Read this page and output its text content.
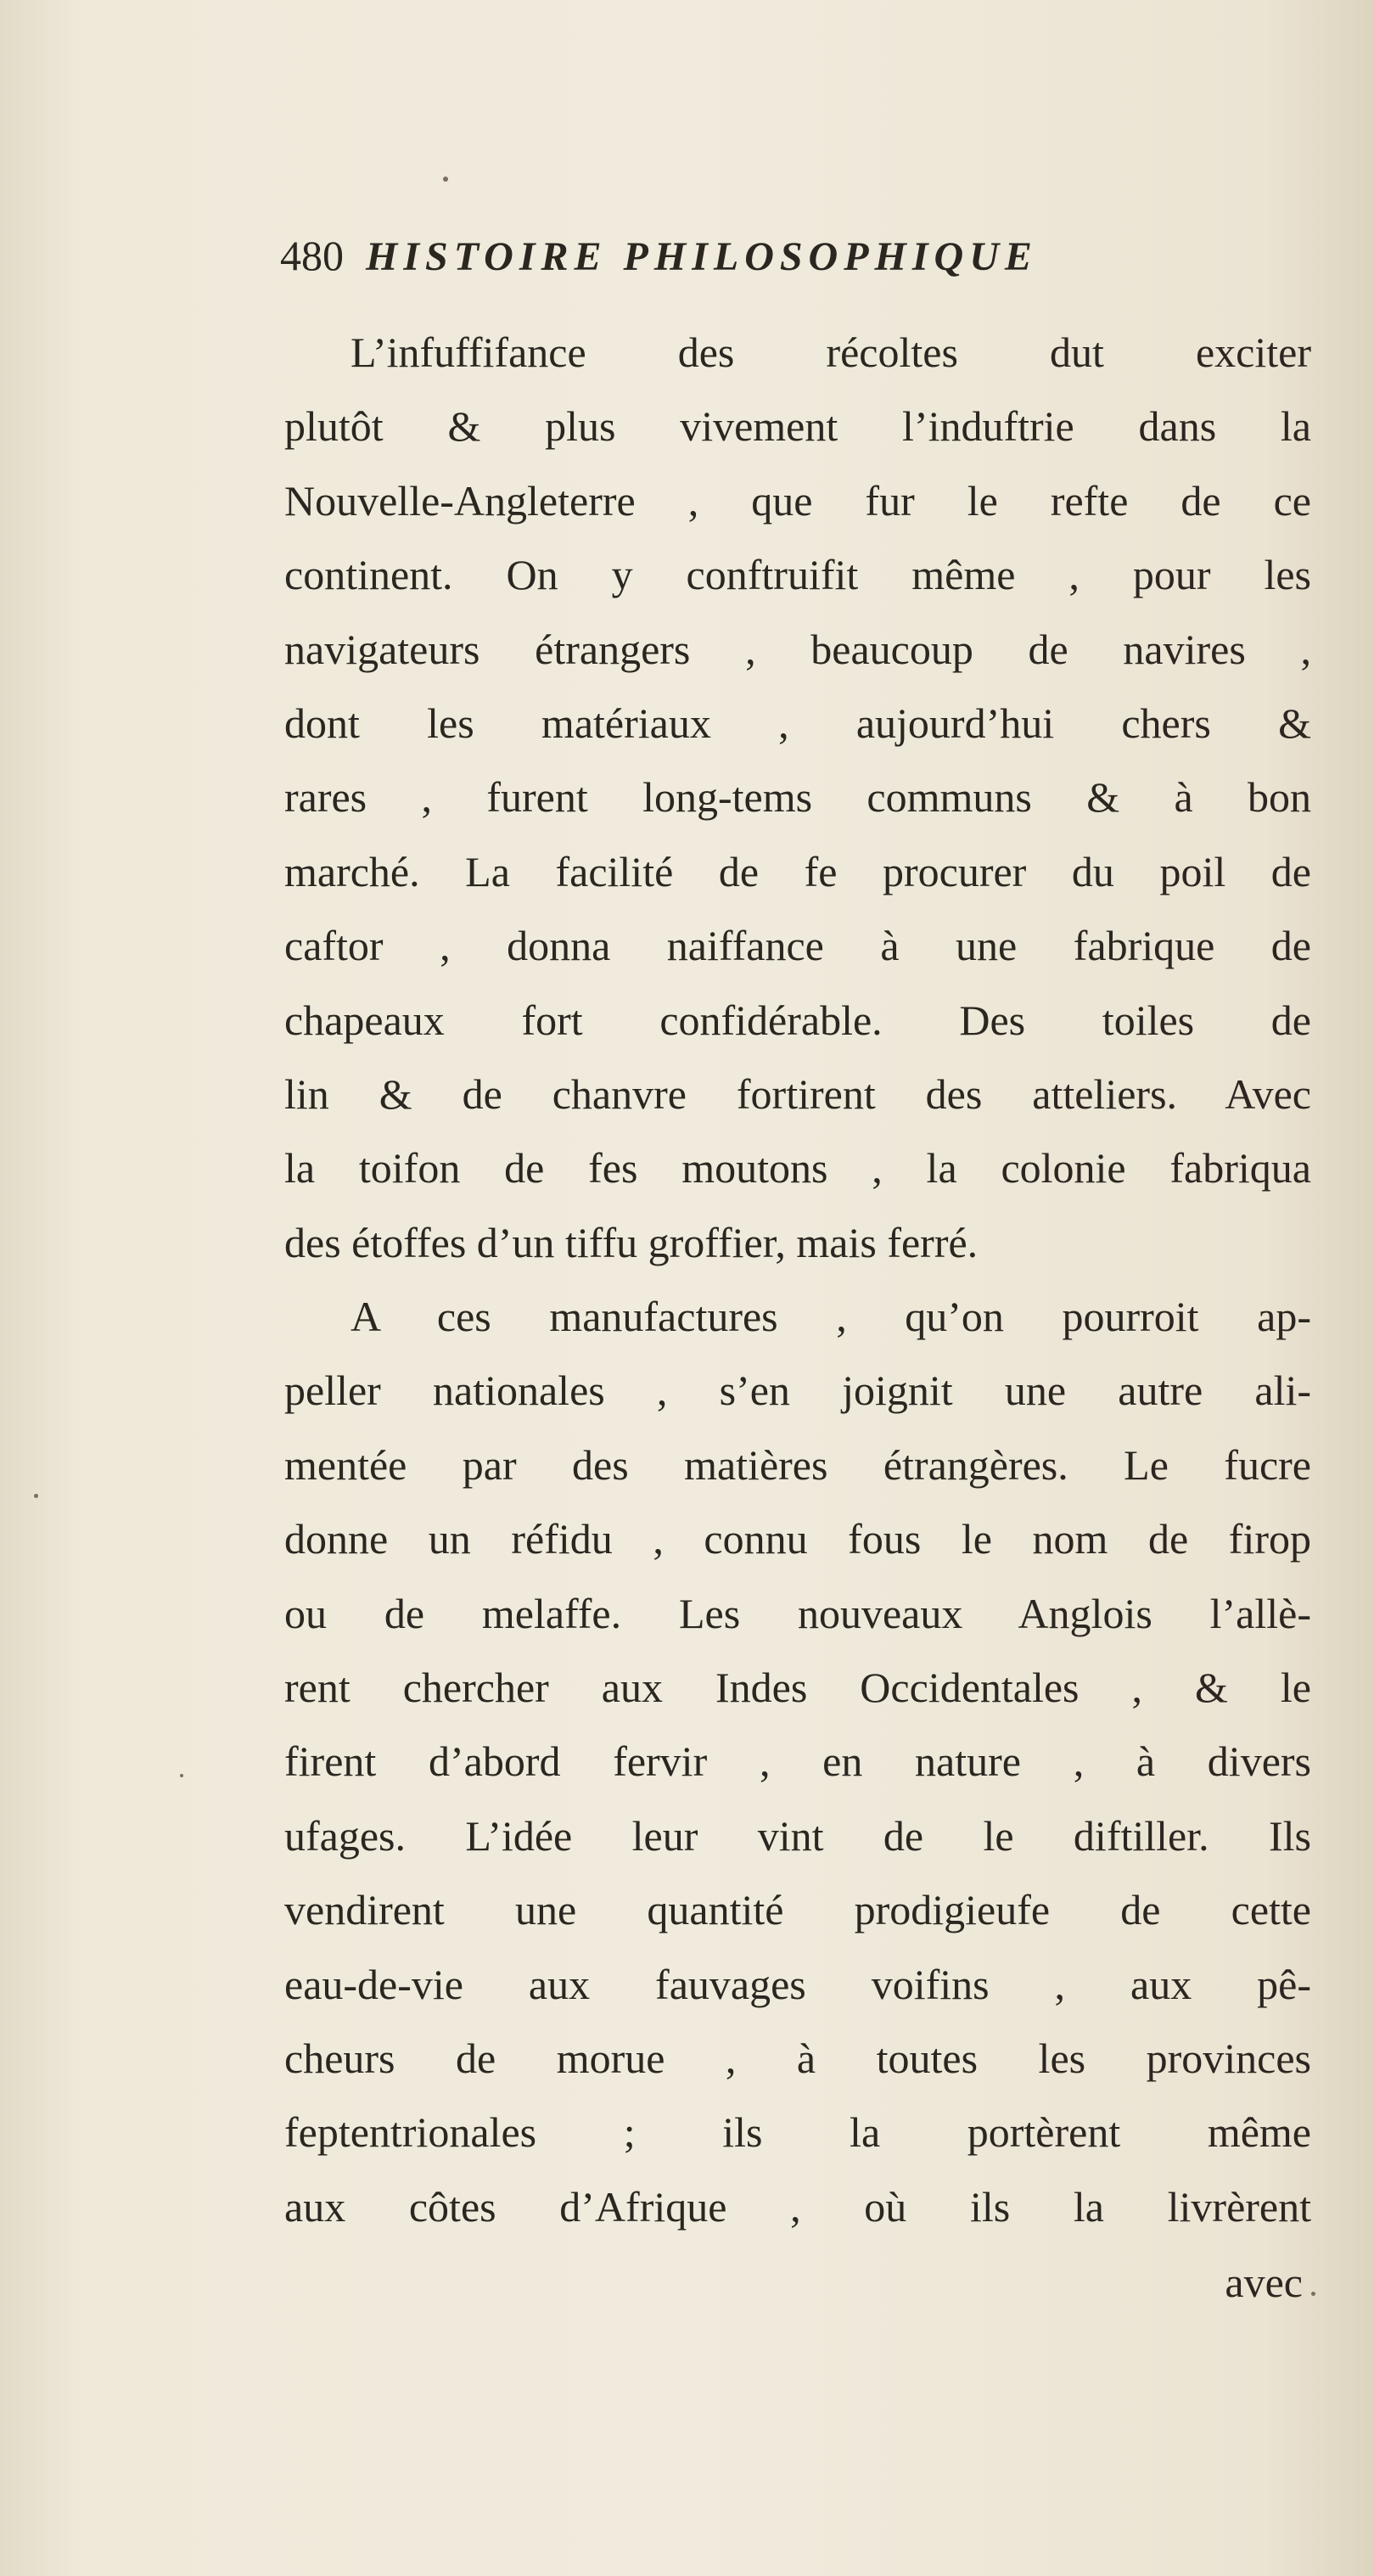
480 HISTOIRE PHILOSOPHIQUE
L’infuffifance des récoltes dut exciter
plutôt & plus vivement l’induftrie dans la
Nouvelle-Angleterre , que fur le refte de ce
continent. On y conftruifit même , pour les
navigateurs étrangers , beaucoup de navires ,
dont les matériaux , aujourd’hui chers &
rares , furent long-tems communs & à bon
marché. La facilité de fe procurer du poil de
caftor , donna naiffance à une fabrique de
chapeaux fort confidérable. Des toiles de
lin & de chanvre fortirent des atteliers. Avec
la toifon de fes moutons , la colonie fabriqua
des étoffes d’un tiffu groffier, mais ferré.
A ces manufactures , qu’on pourroit ap-
peller nationales , s’en joignit une autre ali-
mentée par des matières étrangères. Le fucre
donne un réfidu , connu fous le nom de firop
ou de melaffe. Les nouveaux Anglois l’allè-
rent chercher aux Indes Occidentales , & le
firent d’abord fervir , en nature , à divers
ufages. L’idée leur vint de le diftiller. Ils
vendirent une quantité prodigieufe de cette
eau-de-vie aux fauvages voifins , aux pê-
cheurs de morue , à toutes les provinces
feptentrionales ; ils la portèrent même
aux côtes d’Afrique , où ils la livrèrent
avec
